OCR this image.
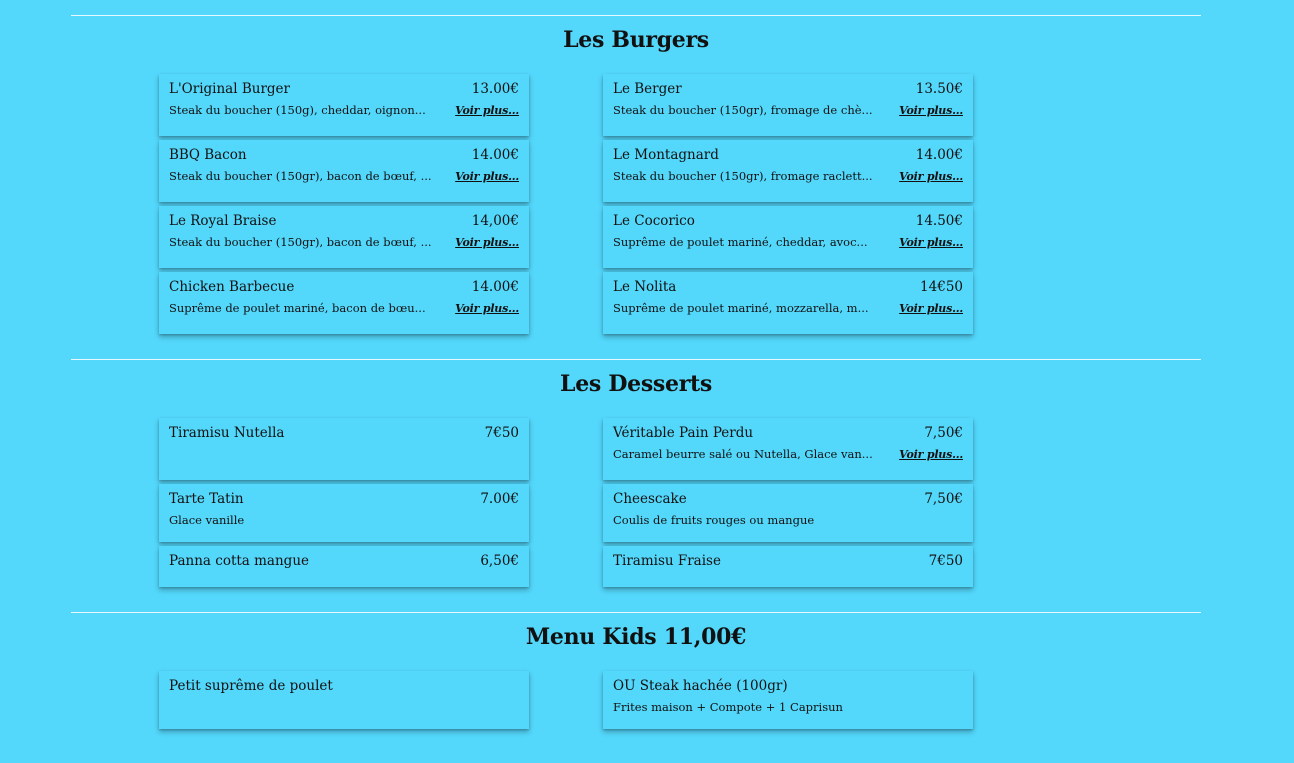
Les Burgers
L'Original Burger	13.00€
Steak du boucher (150g), cheddar, oignon...	Voir plus...
BBQ Bacon	14.00€
Steak du boucher (150gr), bacon de bœuf, ... Voir plus...
Le Royal Braise	14,00€
Steak du boucher (150gr), bacon de bœuf, ... Voir plus...
Chicken Barbecue	14.00€
Suprême de poulet mariné, bacon de bœu...	Voir plus...
Le Berger	13.50€
Steak du boucher (150gr), fromage de chè... Voir plus...
Le Montagnard	14.00€
Steak du boucher (150gr), fromage raclett... Voir plus...
Le Cocorico	14.50€
Suprême de poulet mariné, cheddar, avoc...	Voir plus...
Le Nolita	14€50
Suprême de poulet mariné, mozzarella, m...	Voir plus...
Les Desserts
Tiramisu Nutella	7€50
Tarte Tatin	7.00€
Glace vanille
Panna cotta mangue	6,50€
Véritable Pain Perdu	7,50€
Caramel beurre salé ou Nutella, Glace van... Voir plus...
Cheescake	7,50€
Coulis de fruits rouges ou mangue
Tiramisu Fraise	7€50
Menu Kids 11,00€
Petit suprême de poulet	OU Steak hachée (100gr)
Frites maison + Compote + 1 Caprisun
